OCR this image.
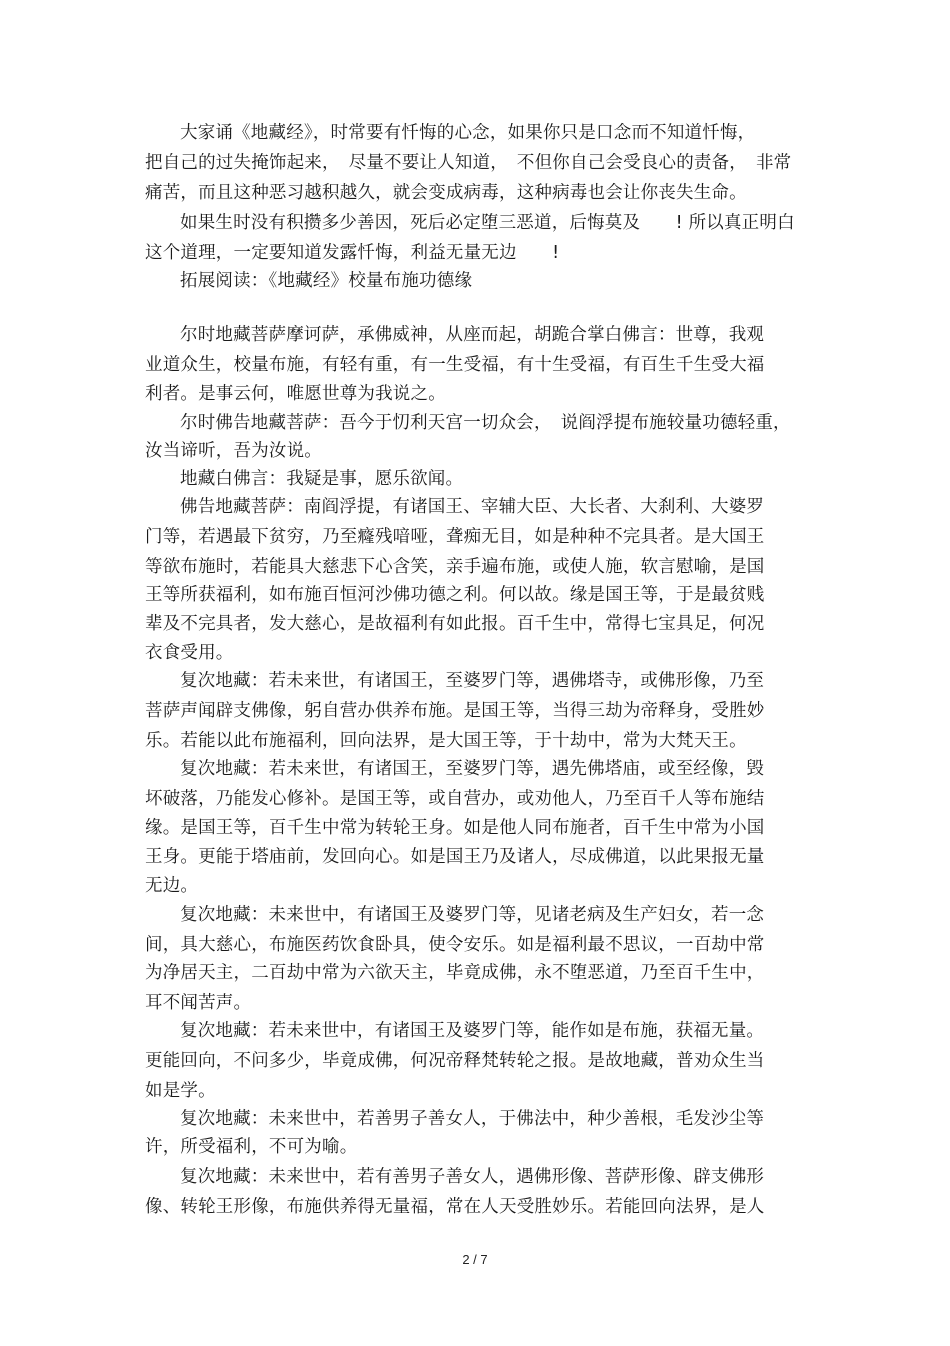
大家诵《地藏经》，时常要有忏悔的心念，如果你只是口念而不知道忏悔，
把自己的过失掩饰起来，　尽量不要让人知道，　不但你自己会受良心的责备，　非常
痛苦，而且这种恶习越积越久，就会变成病毒，这种病毒也会让你丧失生命。
如果生时没有积攒多少善因，死后必定堕三恶道，后悔莫及　　! 所以真正明白
这个道理，一定要知道发露忏悔，利益无量无边　　!
拓展阅读：《地藏经》校量布施功德缘
尔时地藏菩萨摩诃萨，承佛威神，从座而起，胡跪合掌白佛言：世尊，我观
业道众生，校量布施，有轻有重，有一生受福，有十生受福，有百生千生受大福
利者。是事云何，唯愿世尊为我说之。
尔时佛告地藏菩萨：吾今于忉利天宫一切众会，　说阎浮提布施较量功德轻重，
汝当谛听，吾为汝说。
地藏白佛言：我疑是事，愿乐欲闻。
佛告地藏菩萨：南阎浮提，有诸国王、宰辅大臣、大长者、大刹利、大婆罗
门等，若遇最下贫穷，乃至癃残喑哑，聋痴无目，如是种种不完具者。是大国王
等欲布施时，若能具大慈悲下心含笑，亲手遍布施，或使人施，软言慰喻，是国
王等所获福利，如布施百恒河沙佛功德之利。何以故。缘是国王等，于是最贫贱
辈及不完具者，发大慈心，是故福利有如此报。百千生中，常得七宝具足，何况
衣食受用。
复次地藏：若未来世，有诸国王，至婆罗门等，遇佛塔寺，或佛形像，乃至
菩萨声闻辟支佛像，躬自营办供养布施。是国王等，当得三劫为帝释身，受胜妙
乐。若能以此布施福利，回向法界，是大国王等，于十劫中，常为大梵天王。
复次地藏：若未来世，有诸国王，至婆罗门等，遇先佛塔庙，或至经像，毁
坏破落，乃能发心修补。是国王等，或自营办，或劝他人，乃至百千人等布施结
缘。是国王等，百千生中常为转轮王身。如是他人同布施者，百千生中常为小国
王身。更能于塔庙前，发回向心。如是国王乃及诸人，尽成佛道，以此果报无量
无边。
复次地藏：未来世中，有诸国王及婆罗门等，见诸老病及生产妇女，若一念
间，具大慈心，布施医药饮食卧具，使令安乐。如是福利最不思议，一百劫中常
为净居天主，二百劫中常为六欲天主，毕竟成佛，永不堕恶道，乃至百千生中，
耳不闻苦声。
复次地藏：若未来世中，有诸国王及婆罗门等，能作如是布施，获福无量。
更能回向，不问多少，毕竟成佛，何况帝释梵转轮之报。是故地藏，普劝众生当
如是学。
复次地藏：未来世中，若善男子善女人，于佛法中，种少善根，毛发沙尘等
许，所受福利，不可为喻。
复次地藏：未来世中，若有善男子善女人，遇佛形像、菩萨形像、辟支佛形
像、转轮王形像，布施供养得无量福，常在人天受胜妙乐。若能回向法界，是人
2 / 7
